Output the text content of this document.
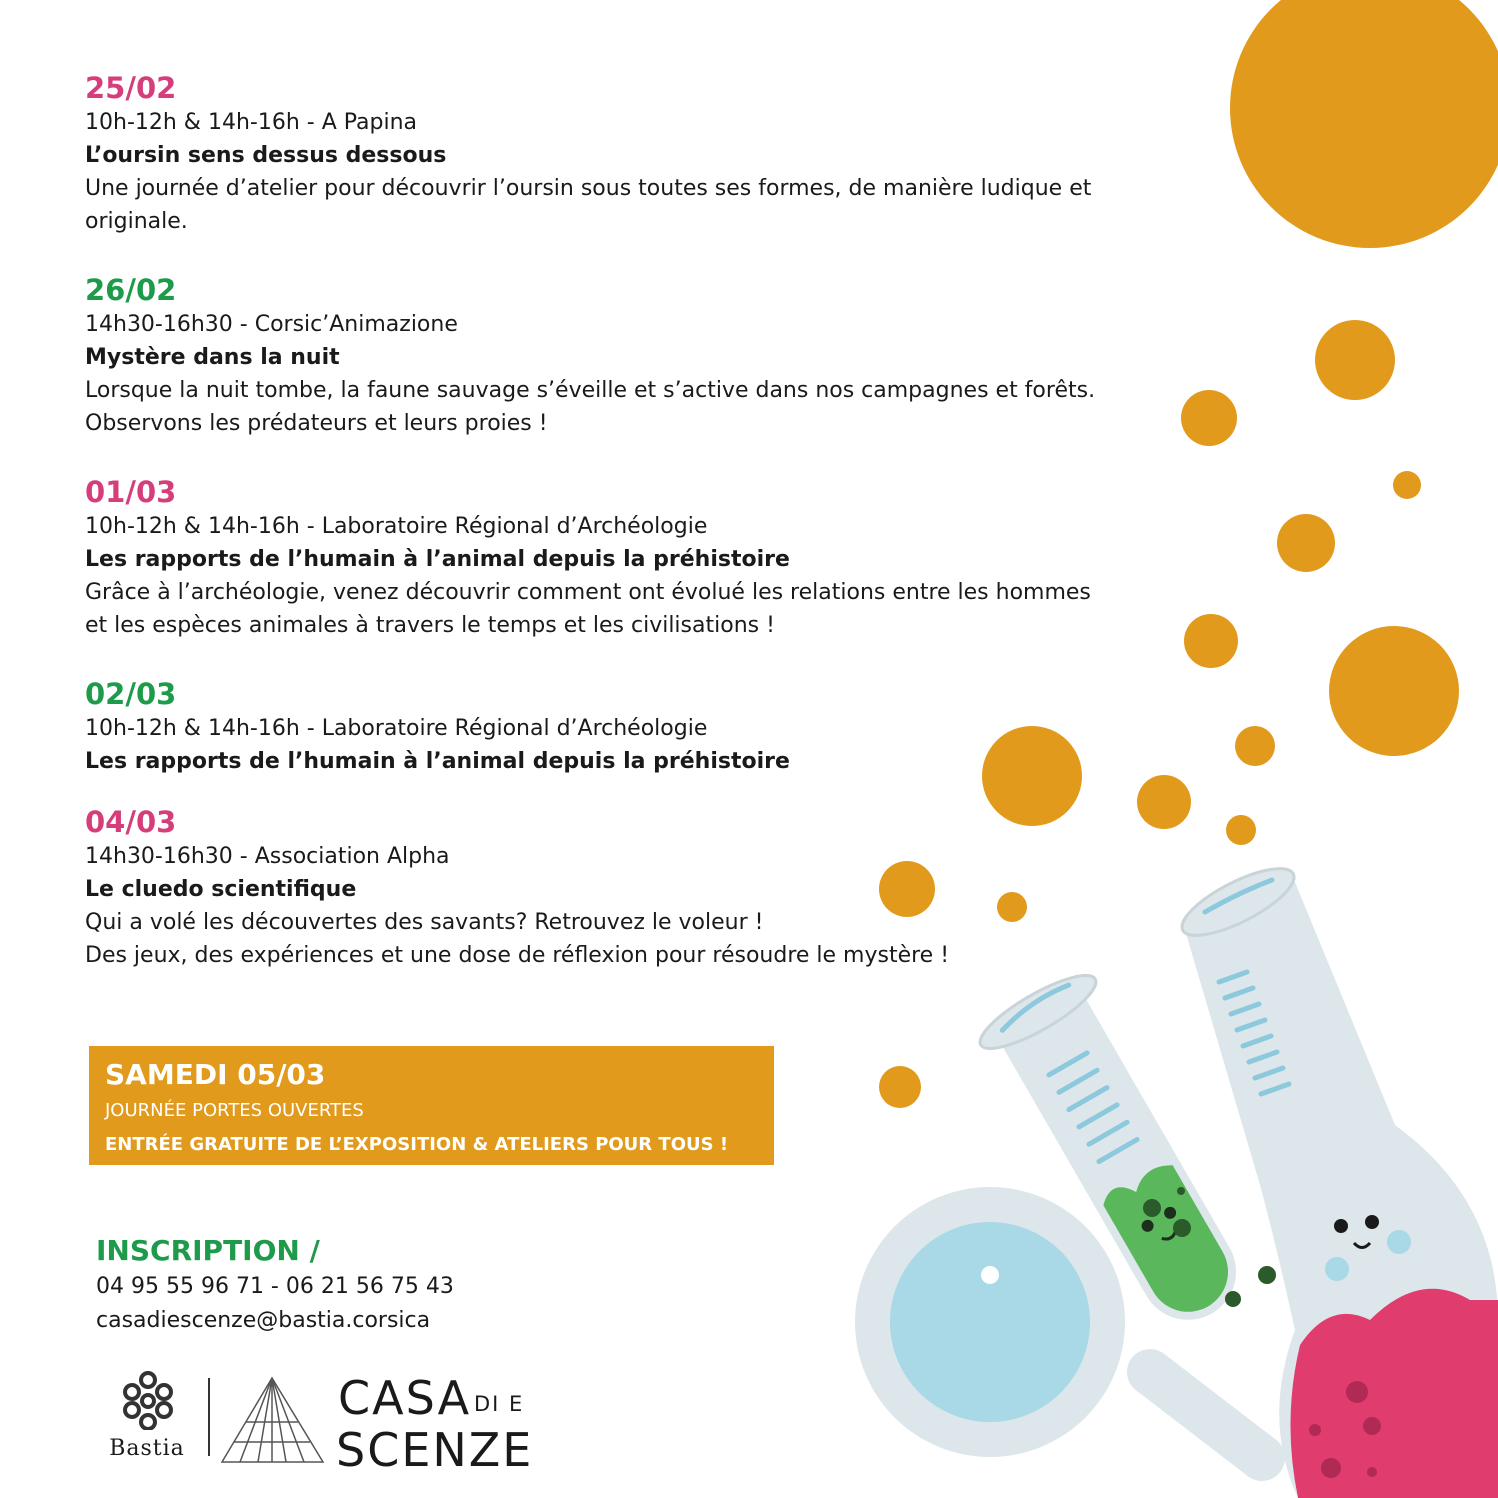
25/02
10h-12h & 14h-16h - A Papina
L’oursin sens dessus dessous
Une journée d’atelier pour découvrir l’oursin sous toutes ses formes, de manière ludique et
originale.
26/02
14h30-16h30 - Corsic’Animazione
Mystère dans la nuit
Lorsque la nuit tombe, la faune sauvage s’éveille et s’active dans nos campagnes et forêts.
Observons les prédateurs et leurs proies !
01/03
10h-12h & 14h-16h - Laboratoire Régional d’Archéologie
Les rapports de l’humain à l’animal depuis la préhistoire
Grâce à l’archéologie, venez découvrir comment ont évolué les relations entre les hommes
et les espèces animales à travers le temps et les civilisations !
02/03
10h-12h & 14h-16h - Laboratoire Régional d’Archéologie
Les rapports de l’humain à l’animal depuis la préhistoire
04/03
14h30-16h30 - Association Alpha
Le cluedo scientifique
Qui a volé les découvertes des savants? Retrouvez le voleur !
Des jeux, des expériences et une dose de réflexion pour résoudre le mystère !
SAMEDI 05/03
JOURNÉE PORTES OUVERTES
ENTRÉE GRATUITE DE L’EXPOSITION & ATELIERS POUR TOUS !
INSCRIPTION /
04 95 55 96 71 - 06 21 56 75 43
casadiescenze@bastia.corsica
Bastia
CASA DI E
SCENZE
